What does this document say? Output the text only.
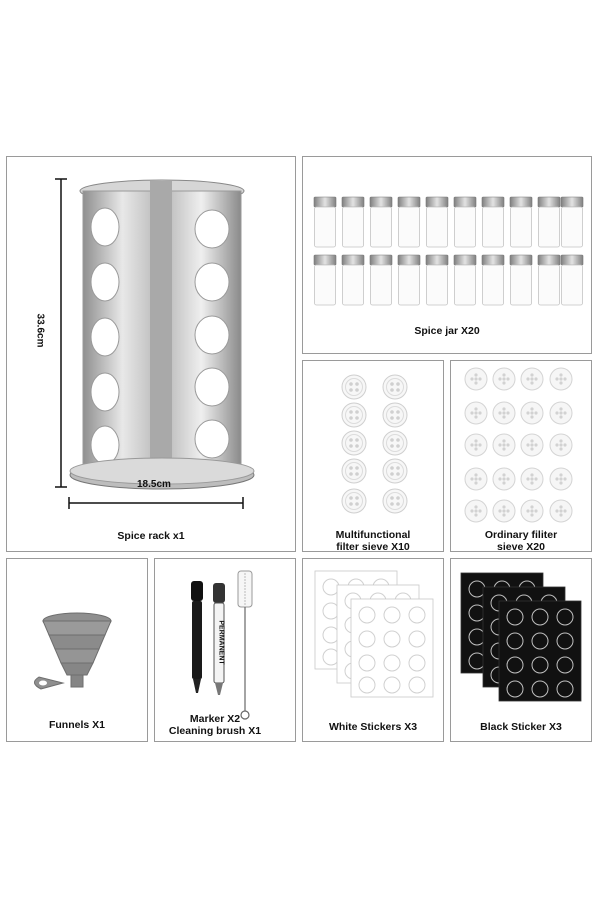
33.6cm
18.5cm
Spice rack x1
Spice jar X20
Multifunctional
filter sieve X10
Ordinary filiter
sieve X20
Funnels X1
PERMANENT
Marker X2
Cleaning brush X1	White Stickers X3	Black Sticker X3
